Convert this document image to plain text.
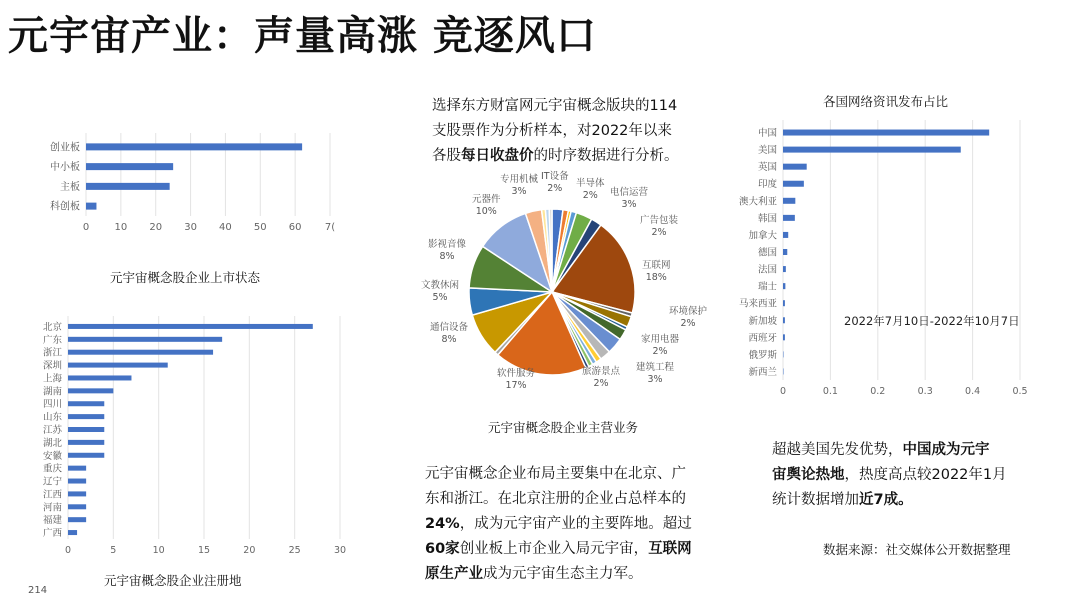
元宇宙产业：声量高涨 竞逐风口
0	10 20 30 40 50 60 7(
创业板
中小板
主板
科创板
0	5	10	15	20	25	30
北京
广东
浙江
深圳
上海
湖南
四川
山东
江苏
湖北
安徽
重庆
辽宁
江西
河南
福建
广西
0	0.1	0.2	0.3	0.4	0.5
中国
美国
英国
印度
澳大利亚
韩国
加拿大
德国
法国
瑞士
马来西亚
新加坡
西班牙
俄罗斯
新西兰
元宇宙概念股企业上市状态
元宇宙概念股企业注册地
元宇宙概念股企业主营业务
各国网络资讯发布占比
2022年7月10日-2022年10月7日
元器件
10%
专用机械
3%
IT设备
2%	半导体
2%	电信运营
3%
广告包装
2%
互联网
18%
环境保护
2%
家用电器
2%
建筑工程
3%
旅游景点
2%
软件服务
17%
通信设备
8%
文教休闲
5%
影视音像
8%
选择东方财富网元宇宙概念版块的114
支股票作为分析样本，对2022年以来
各股每日收盘价的时序数据进行分析。
元宇宙概念企业布局主要集中在北京、广
东和浙江。在北京注册的企业占总样本的
24%，成为元宇宙产业的主要阵地。超过
60家创业板上市企业入局元宇宙，互联网
原生产业成为元宇宙生态主力军。
超越美国先发优势，中国成为元宇
宙舆论热地，热度高点较2022年1月
统计数据增加近7成。
数据来源：社交媒体公开数据整理
214
